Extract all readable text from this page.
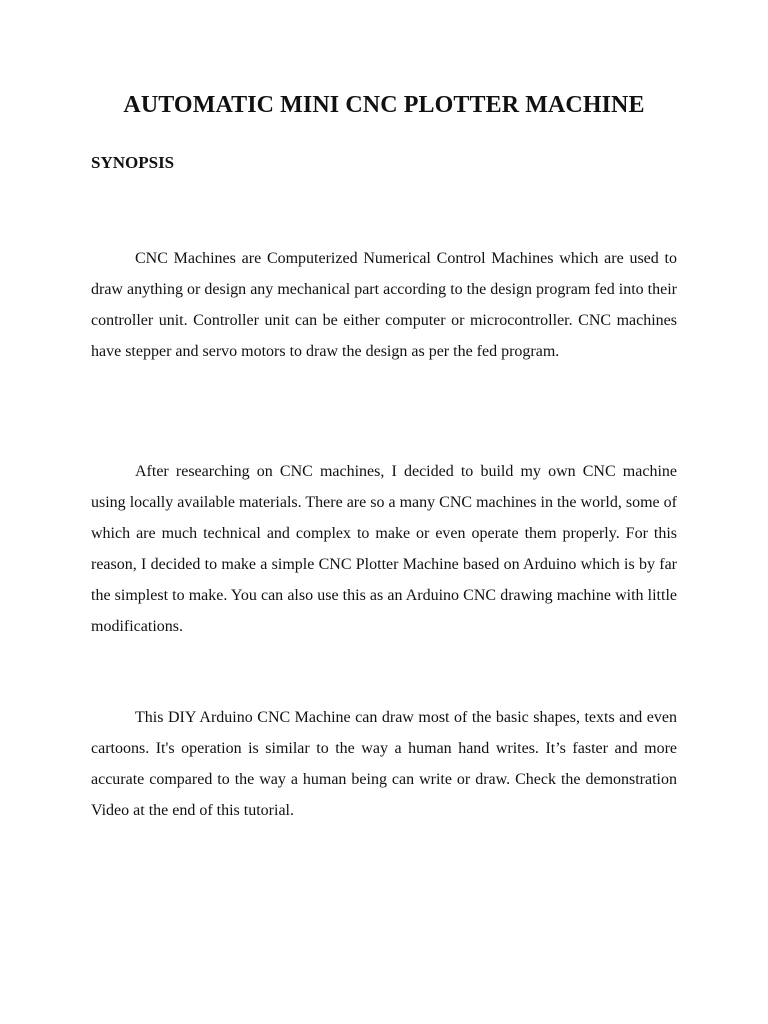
AUTOMATIC MINI CNC PLOTTER MACHINE
SYNOPSIS

CNC Machines are Computerized Numerical Control Machines which are used to draw anything or design any mechanical part according to the design program fed into their controller unit. Controller unit can be either computer or microcontroller. CNC machines have stepper and servo motors to draw the design as per the fed program.

After researching on CNC machines, I decided to build my own CNC machine using locally available materials. There are so a many CNC machines in the world, some of which are much technical and complex to make or even operate them properly. For this reason, I decided to make a simple CNC Plotter Machine based on Arduino which is by far the simplest to make. You can also use this as an Arduino CNC drawing machine with little modifications.

This DIY Arduino CNC Machine can draw most of the basic shapes, texts and even cartoons. It's operation is similar to the way a human hand writes. It’s faster and more accurate compared to the way a human being can write or draw. Check the demonstration Video at the end of this tutorial.
